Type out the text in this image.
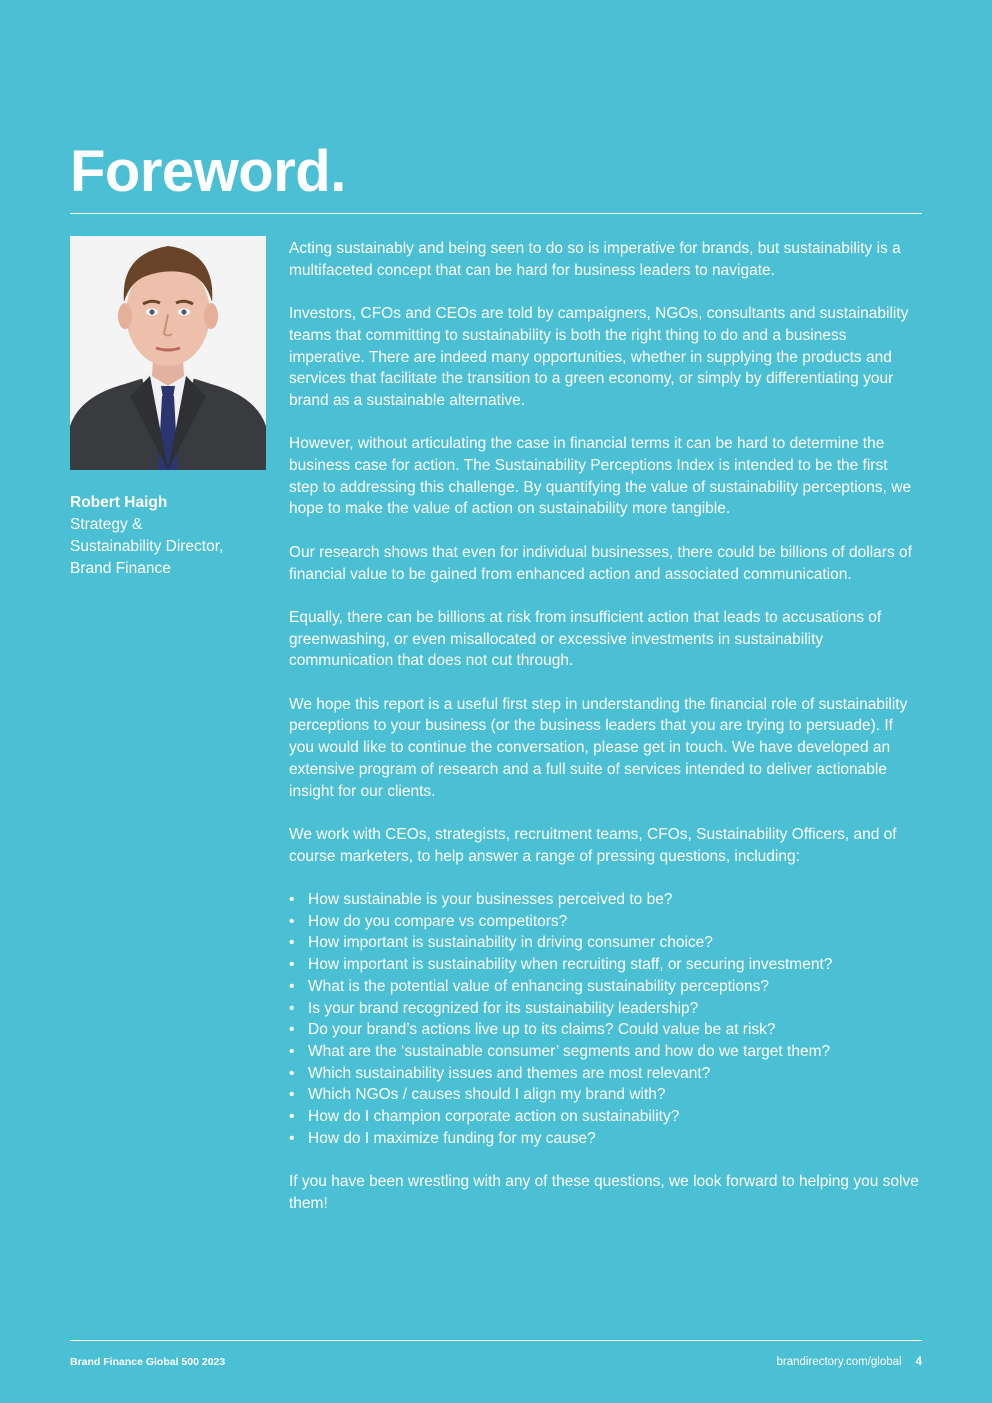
Foreword.
Robert Haigh
Strategy &
Sustainability Director,
Brand Finance

Acting sustainably and being seen to do so is imperative for brands, but sustainability is a multifaceted concept that can be hard for business leaders to navigate.

Investors, CFOs and CEOs are told by campaigners, NGOs, consultants and sustainability teams that committing to sustainability is both the right thing to do and a business imperative. There are indeed many opportunities, whether in supplying the products and services that facilitate the transition to a green economy, or simply by differentiating your brand as a sustainable alternative.

However, without articulating the case in financial terms it can be hard to determine the business case for action. The Sustainability Perceptions Index is intended to be the first step to addressing this challenge. By quantifying the value of sustainability perceptions, we hope to make the value of action on sustainability more tangible.

Our research shows that even for individual businesses, there could be billions of dollars of financial value to be gained from enhanced action and associated communication.

Equally, there can be billions at risk from insufficient action that leads to accusations of greenwashing, or even misallocated or excessive investments in sustainability communication that does not cut through.

We hope this report is a useful first step in understanding the financial role of sustainability perceptions to your business (or the business leaders that you are trying to persuade). If you would like to continue the conversation, please get in touch. We have developed an extensive program of research and a full suite of services intended to deliver actionable insight for our clients.

We work with CEOs, strategists, recruitment teams, CFOs, Sustainability Officers, and of course marketers, to help answer a range of pressing questions, including:

• How sustainable is your businesses perceived to be?
• How do you compare vs competitors?
• How important is sustainability in driving consumer choice?
• How important is sustainability when recruiting staff, or securing investment?
• What is the potential value of enhancing sustainability perceptions?
• Is your brand recognized for its sustainability leadership?
• Do your brand’s actions live up to its claims? Could value be at risk?
• What are the ‘sustainable consumer’ segments and how do we target them?
• Which sustainability issues and themes are most relevant?
• Which NGOs / causes should I align my brand with?
• How do I champion corporate action on sustainability?
• How do I maximize funding for my cause?

If you have been wrestling with any of these questions, we look forward to helping you solve them!

Brand Finance Global 500 2023	brandirectory.com/global 4
